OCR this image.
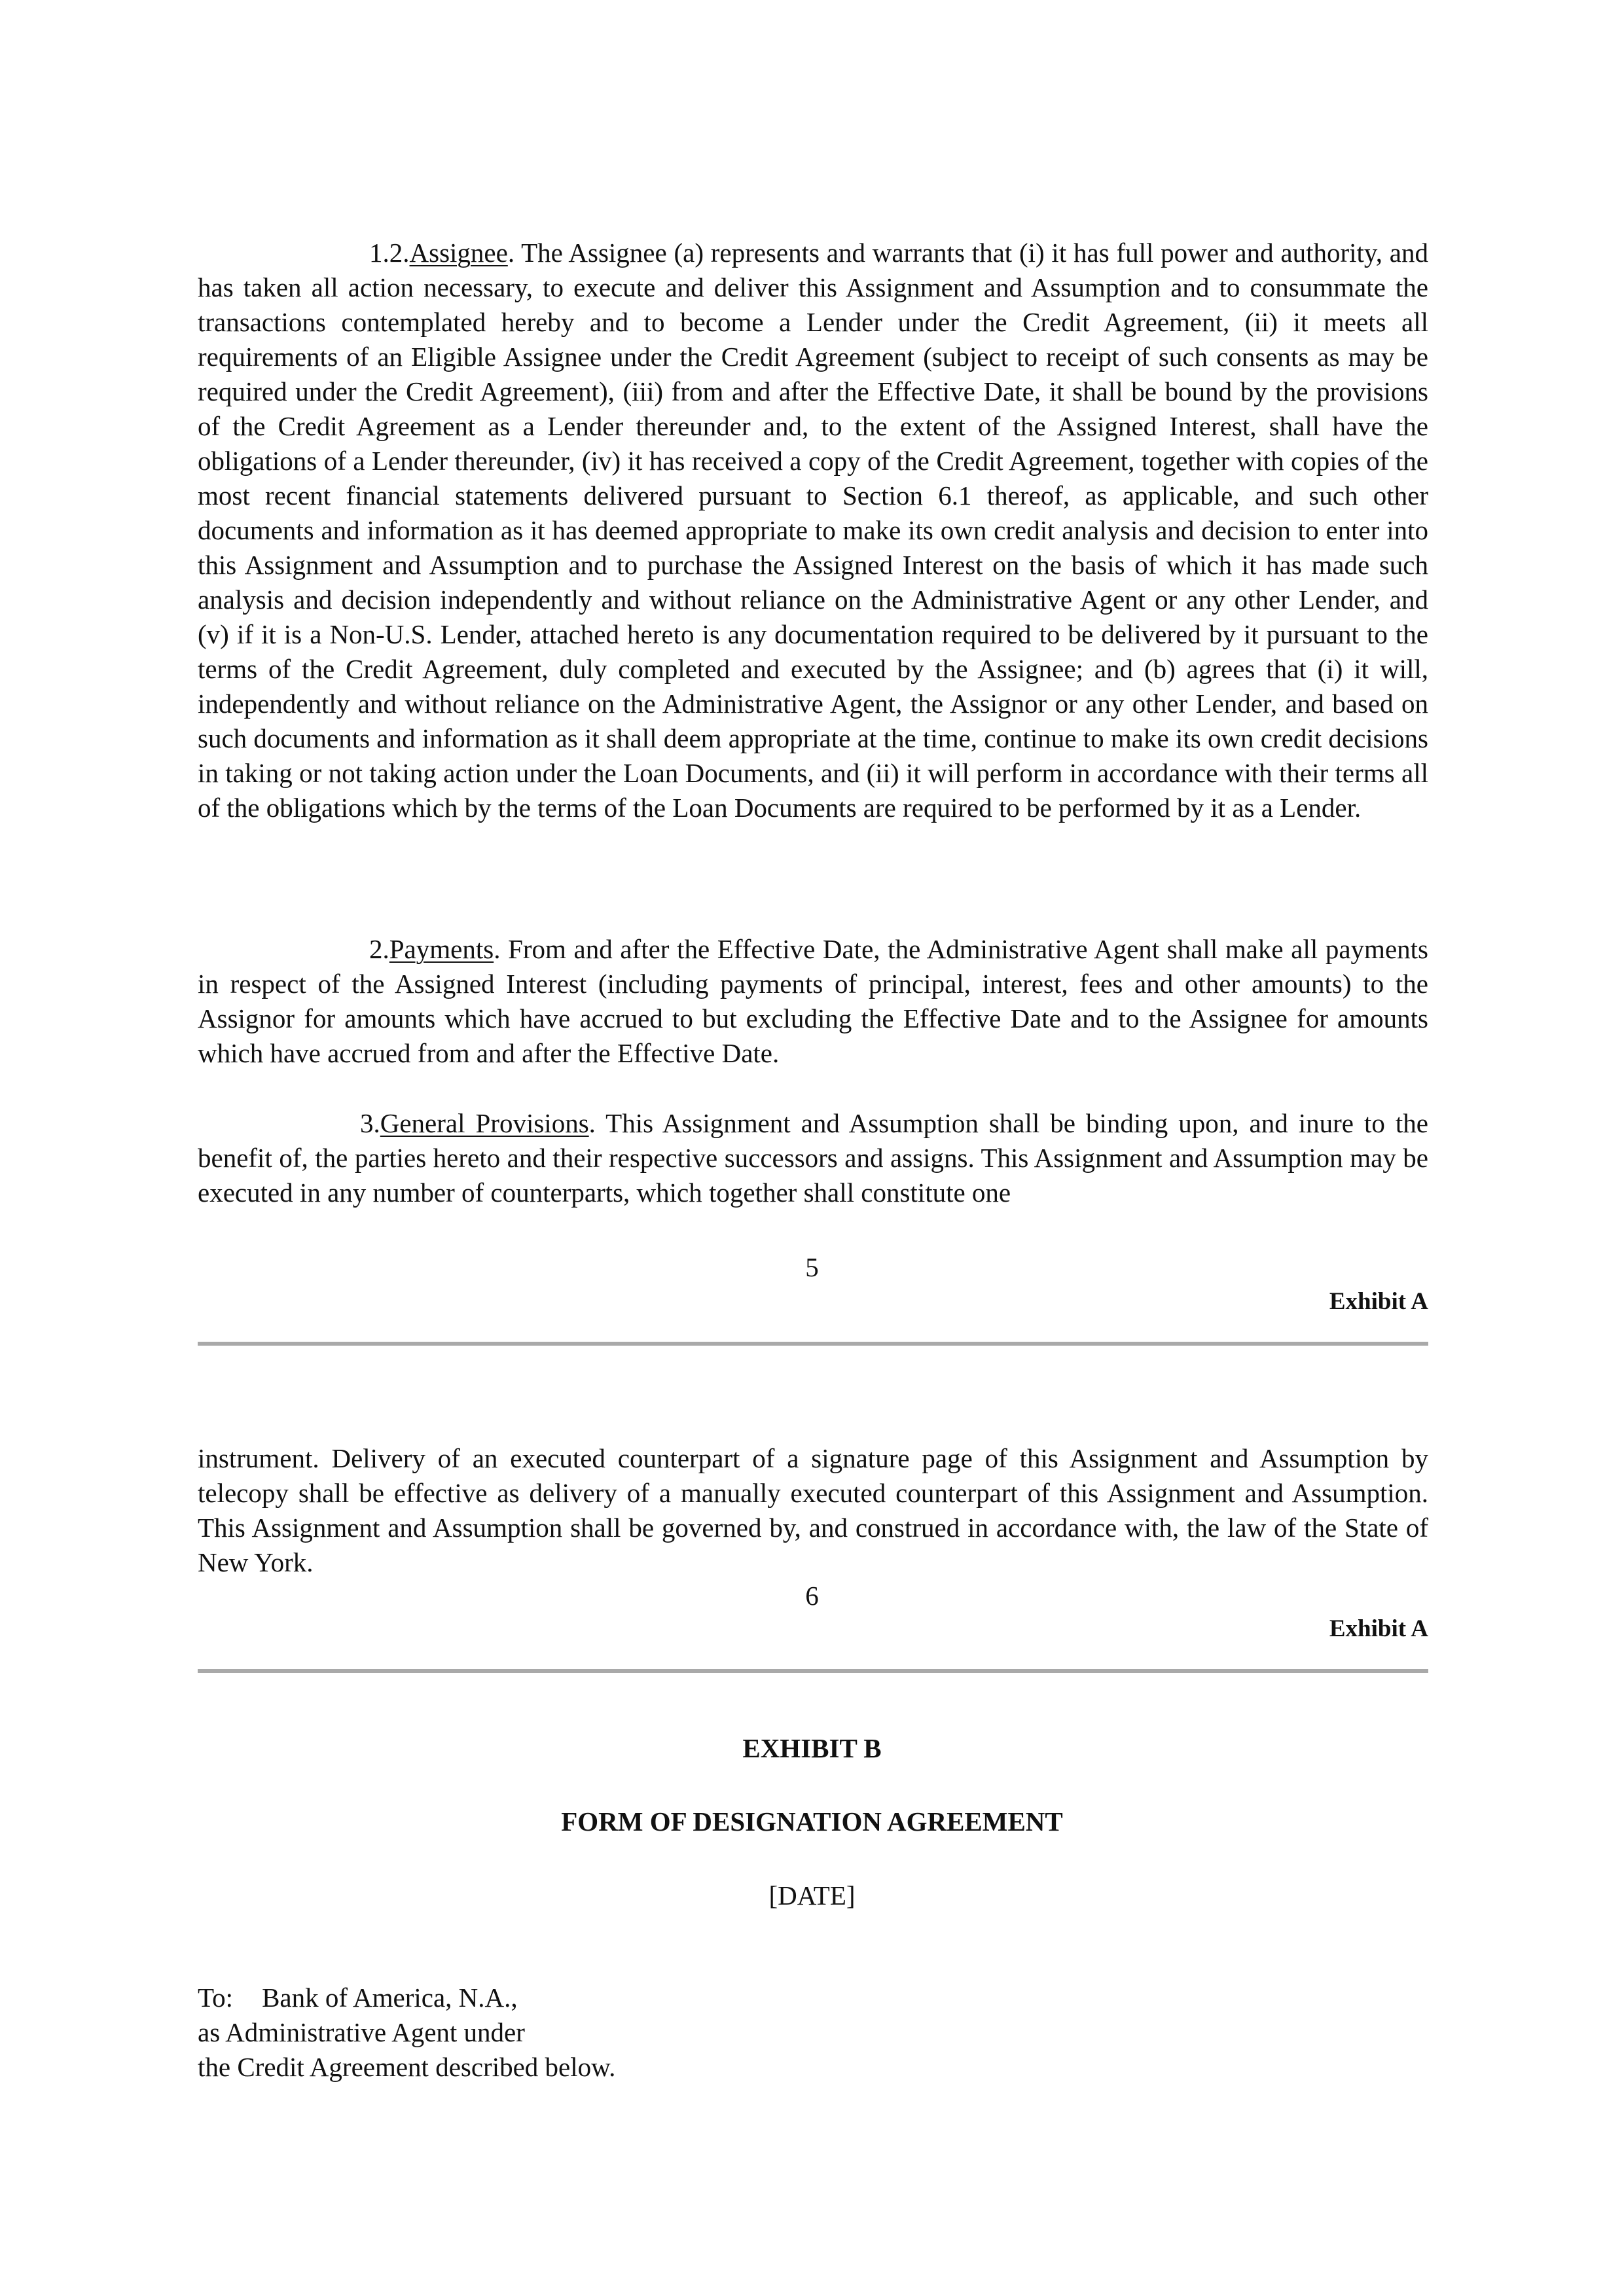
1.2.Assignee. The Assignee (a) represents and warrants that (i) it has full power and authority, and has taken all action necessary, to execute and deliver this Assignment and Assumption and to consummate the transactions contemplated hereby and to become a Lender under the Credit Agreement, (ii) it meets all requirements of an Eligible Assignee under the Credit Agreement (subject to receipt of such consents as may be required under the Credit Agreement), (iii) from and after the Effective Date, it shall be bound by the provisions of the Credit Agreement as a Lender thereunder and, to the extent of the Assigned Interest, shall have the obligations of a Lender thereunder, (iv) it has received a copy of the Credit Agreement, together with copies of the most recent financial statements delivered pursuant to Section 6.1 thereof, as applicable, and such other documents and information as it has deemed appropriate to make its own credit analysis and decision to enter into this Assignment and Assumption and to purchase the Assigned Interest on the basis of which it has made such analysis and decision independently and without reliance on the Administrative Agent or any other Lender, and (v) if it is a Non-U.S. Lender, attached hereto is any documentation required to be delivered by it pursuant to the terms of the Credit Agreement, duly completed and executed by the Assignee; and (b) agrees that (i) it will, independently and without reliance on the Administrative Agent, the Assignor or any other Lender, and based on such documents and information as it shall deem appropriate at the time, continue to make its own credit decisions in taking or not taking action under the Loan Documents, and (ii) it will perform in accordance with their terms all of the obligations which by the terms of the Loan Documents are required to be performed by it as a Lender.

2.Payments. From and after the Effective Date, the Administrative Agent shall make all payments in respect of the Assigned Interest (including payments of principal, interest, fees and other amounts) to the Assignor for amounts which have accrued to but excluding the Effective Date and to the Assignee for amounts which have accrued from and after the Effective Date.

3.General Provisions. This Assignment and Assumption shall be binding upon, and inure to the benefit of, the parties hereto and their respective successors and assigns. This Assignment and Assumption may be executed in any number of counterparts, which together shall constitute one

5
Exhibit A

instrument. Delivery of an executed counterpart of a signature page of this Assignment and Assumption by telecopy shall be effective as delivery of a manually executed counterpart of this Assignment and Assumption. This Assignment and Assumption shall be governed by, and construed in accordance with, the law of the State of New York.

6
Exhibit A
EXHIBIT B
FORM OF DESIGNATION AGREEMENT
[DATE]
To: Bank of America, N.A.,
as Administrative Agent under
the Credit Agreement described below.
